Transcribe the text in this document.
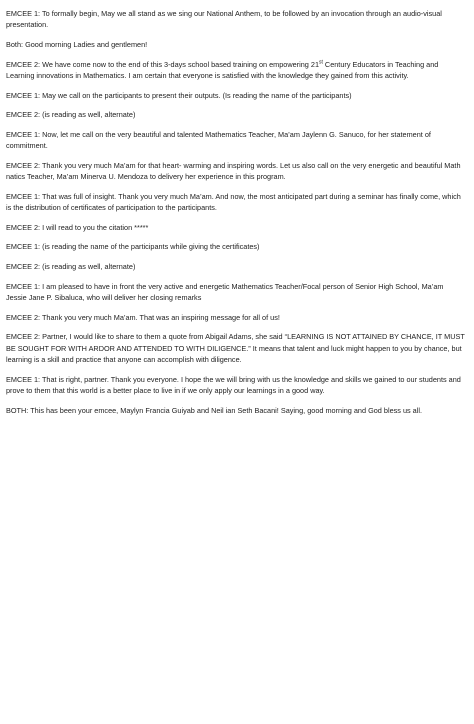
EMCEE 1: To formally begin, May we all stand as we sing our National Anthem, to be followed by an invocation through an audio-visual presentation.

Both: Good morning Ladies and gentlemen!

EMCEE 2: We have come now to the end of this 3-days school based training on empowering 21st Century Educators in Teaching and Learning innovations in Mathematics. I am certain that everyone is satisfied with the knowledge they gained from this activity.

EMCEE 1: May we call on the participants to present their outputs. (Is reading the name of the participants)

EMCEE 2: (is reading as well, alternate)

EMCEE 1: Now, let me call on the very beautiful and talented Mathematics Teacher, Ma’am Jaylenn G. Sanuco, for her statement of commitment.

EMCEE 2: Thank you very much Ma’am for that heart- warming and inspiring words. Let us also call on the very energetic and beautiful Math natics Teacher, Ma’am Minerva U. Mendoza to delivery her experience in this program.

EMCEE 1: That was full of insight. Thank you very much Ma’am. And now, the most anticipated part during a seminar has finally come, which is the distribution of certificates of participation to the participants.

EMCEE 2: I will read to you the citation *****

EMCEE 1: (is reading the name of the participants while giving the certificates)

EMCEE 2: (is reading as well, alternate)

EMCEE 1: I am pleased to have in front the very active and energetic Mathematics Teacher/Focal person of Senior High School, Ma’am Jessie Jane P. Sibaluca, who will deliver her closing remarks

EMCEE 2: Thank you very much Ma’am. That was an inspiring message for all of us!

EMCEE 2: Partner, I would like to share to them a quote from Abigail Adams, she said “LEARNING IS NOT ATTAINED BY CHANCE, IT MUST BE SOUGHT FOR WITH ARDOR AND ATTENDED TO WITH DILIGENCE.” It means that talent and luck might happen to you by chance, but learning is a skill and practice that anyone can accomplish with diligence.

EMCEE 1: That is right, partner. Thank you everyone. I hope the we will bring with us the knowledge and skills we gained to our students and prove to them that this world is a better place to live in if we only apply our learnings in a good way.

BOTH: This has been your emcee, Maylyn Francia Guiyab and Neil ian Seth Bacani! Saying, good morning and God bless us all.
